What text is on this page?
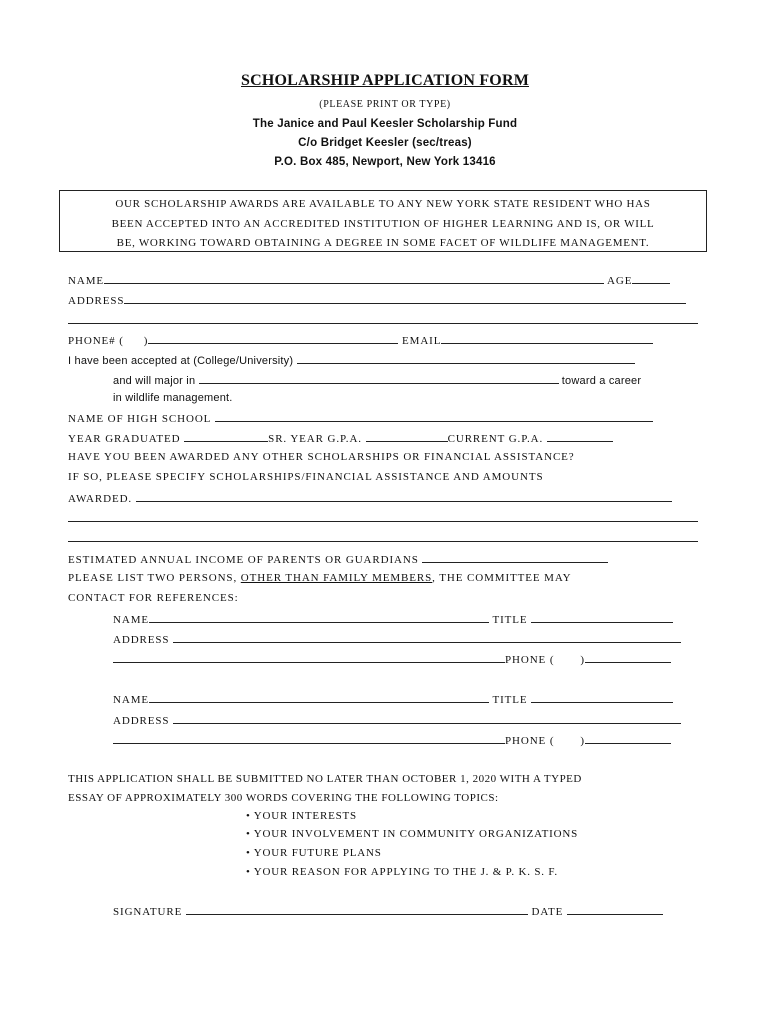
SCHOLARSHIP APPLICATION FORM
(PLEASE PRINT OR TYPE)
The Janice and Paul Keesler Scholarship Fund
C/o Bridget Keesler (sec/treas)
P.O. Box 485, Newport, New York 13416
OUR SCHOLARSHIP AWARDS ARE AVAILABLE TO ANY NEW YORK STATE RESIDENT WHO HAS
BEEN ACCEPTED INTO AN ACCREDITED INSTITUTION OF HIGHER LEARNING AND IS, OR WILL
BE, WORKING TOWARD OBTAINING A DEGREE IN SOME FACET OF WILDLIFE MANAGEMENT.
NAME	AGE
ADDRESS
PHONE# ( )	EMAIL
I have been accepted at (College/University)
and will major in	toward a career
in wildlife management.
NAME OF HIGH SCHOOL
YEAR GRADUATED	SR. YEAR G.P.A.	CURRENT G.P.A.
HAVE YOU BEEN AWARDED ANY OTHER SCHOLARSHIPS OR FINANCIAL ASSISTANCE?
IF SO, PLEASE SPECIFY SCHOLARSHIPS/FINANCIAL ASSISTANCE AND AMOUNTS
AWARDED.
ESTIMATED ANNUAL INCOME OF PARENTS OR GUARDIANS
PLEASE LIST TWO PERSONS, OTHER THAN FAMILY MEMBERS, THE COMMITTEE MAY
CONTACT FOR REFERENCES:
NAME	TITLE
ADDRESS
PHONE ( )
NAME	TITLE
ADDRESS
PHONE ( )
THIS APPLICATION SHALL BE SUBMITTED NO LATER THAN OCTOBER 1, 2020 WITH A TYPED
ESSAY OF APPROXIMATELY 300 WORDS COVERING THE FOLLOWING TOPICS:
• YOUR INTERESTS
• YOUR INVOLVEMENT IN COMMUNITY ORGANIZATIONS
• YOUR FUTURE PLANS
• YOUR REASON FOR APPLYING TO THE J. & P. K. S. F.
SIGNATURE	DATE
